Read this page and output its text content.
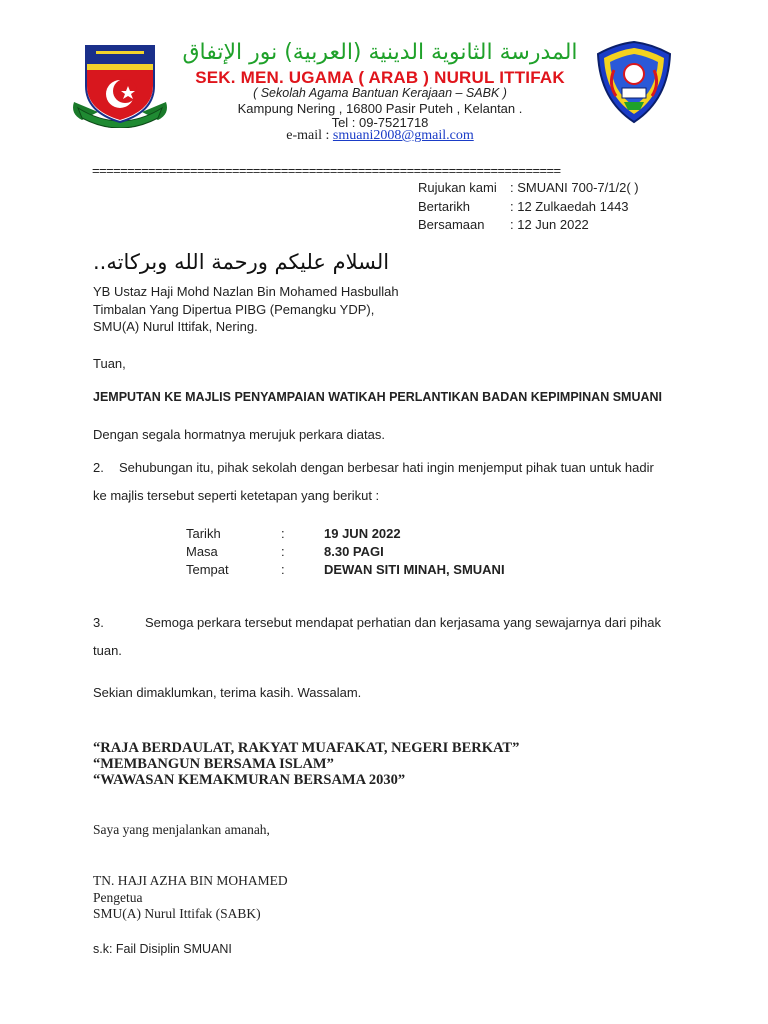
المدرسة الثانوية الدينية (العربية) نور الإتفاق
SEK. MEN. UGAMA ( ARAB ) NURUL ITTIFAK
( Sekolah Agama Bantuan Kerajaan – SABK )
Kampung Nering , 16800 Pasir Puteh , Kelantan .
Tel : 09-7521718
e-mail : smuani2008@gmail.com
===================================================================
Rujukan kami : SMUANI 700-7/1/2( )
Bertarikh	: 12 Zulkaedah 1443
Bersamaan : 12 Jun 2022
السلام عليكم ورحمة الله وبركاته..
YB Ustaz Haji Mohd Nazlan Bin Mohamed Hasbullah
Timbalan Yang Dipertua PIBG (Pemangku YDP),
SMU(A) Nurul Ittifak, Nering.
Tuan,
JEMPUTAN KE MAJLIS PENYAMPAIAN WATIKAH PERLANTIKAN BADAN KEPIMPINAN SMUANI
Dengan segala hormatnya merujuk perkara diatas.
2. Sehubungan itu, pihak sekolah dengan berbesar hati ingin menjemput pihak tuan untuk hadir
ke majlis tersebut seperti ketetapan yang berikut :
Tarikh	:	19 JUN 2022
Masa	:	8.30 PAGI
Tempat	:	DEWAN SITI MINAH, SMUANI
3.	Semoga perkara tersebut mendapat perhatian dan kerjasama yang sewajarnya dari pihak
tuan.
Sekian dimaklumkan, terima kasih. Wassalam.
“RAJA BERDAULAT, RAKYAT MUAFAKAT, NEGERI BERKAT”
“MEMBANGUN BERSAMA ISLAM”
“WAWASAN KEMAKMURAN BERSAMA 2030”
Saya yang menjalankan amanah,
TN. HAJI AZHA BIN MOHAMED
Pengetua
SMU(A) Nurul Ittifak (SABK)
s.k: Fail Disiplin SMUANI
